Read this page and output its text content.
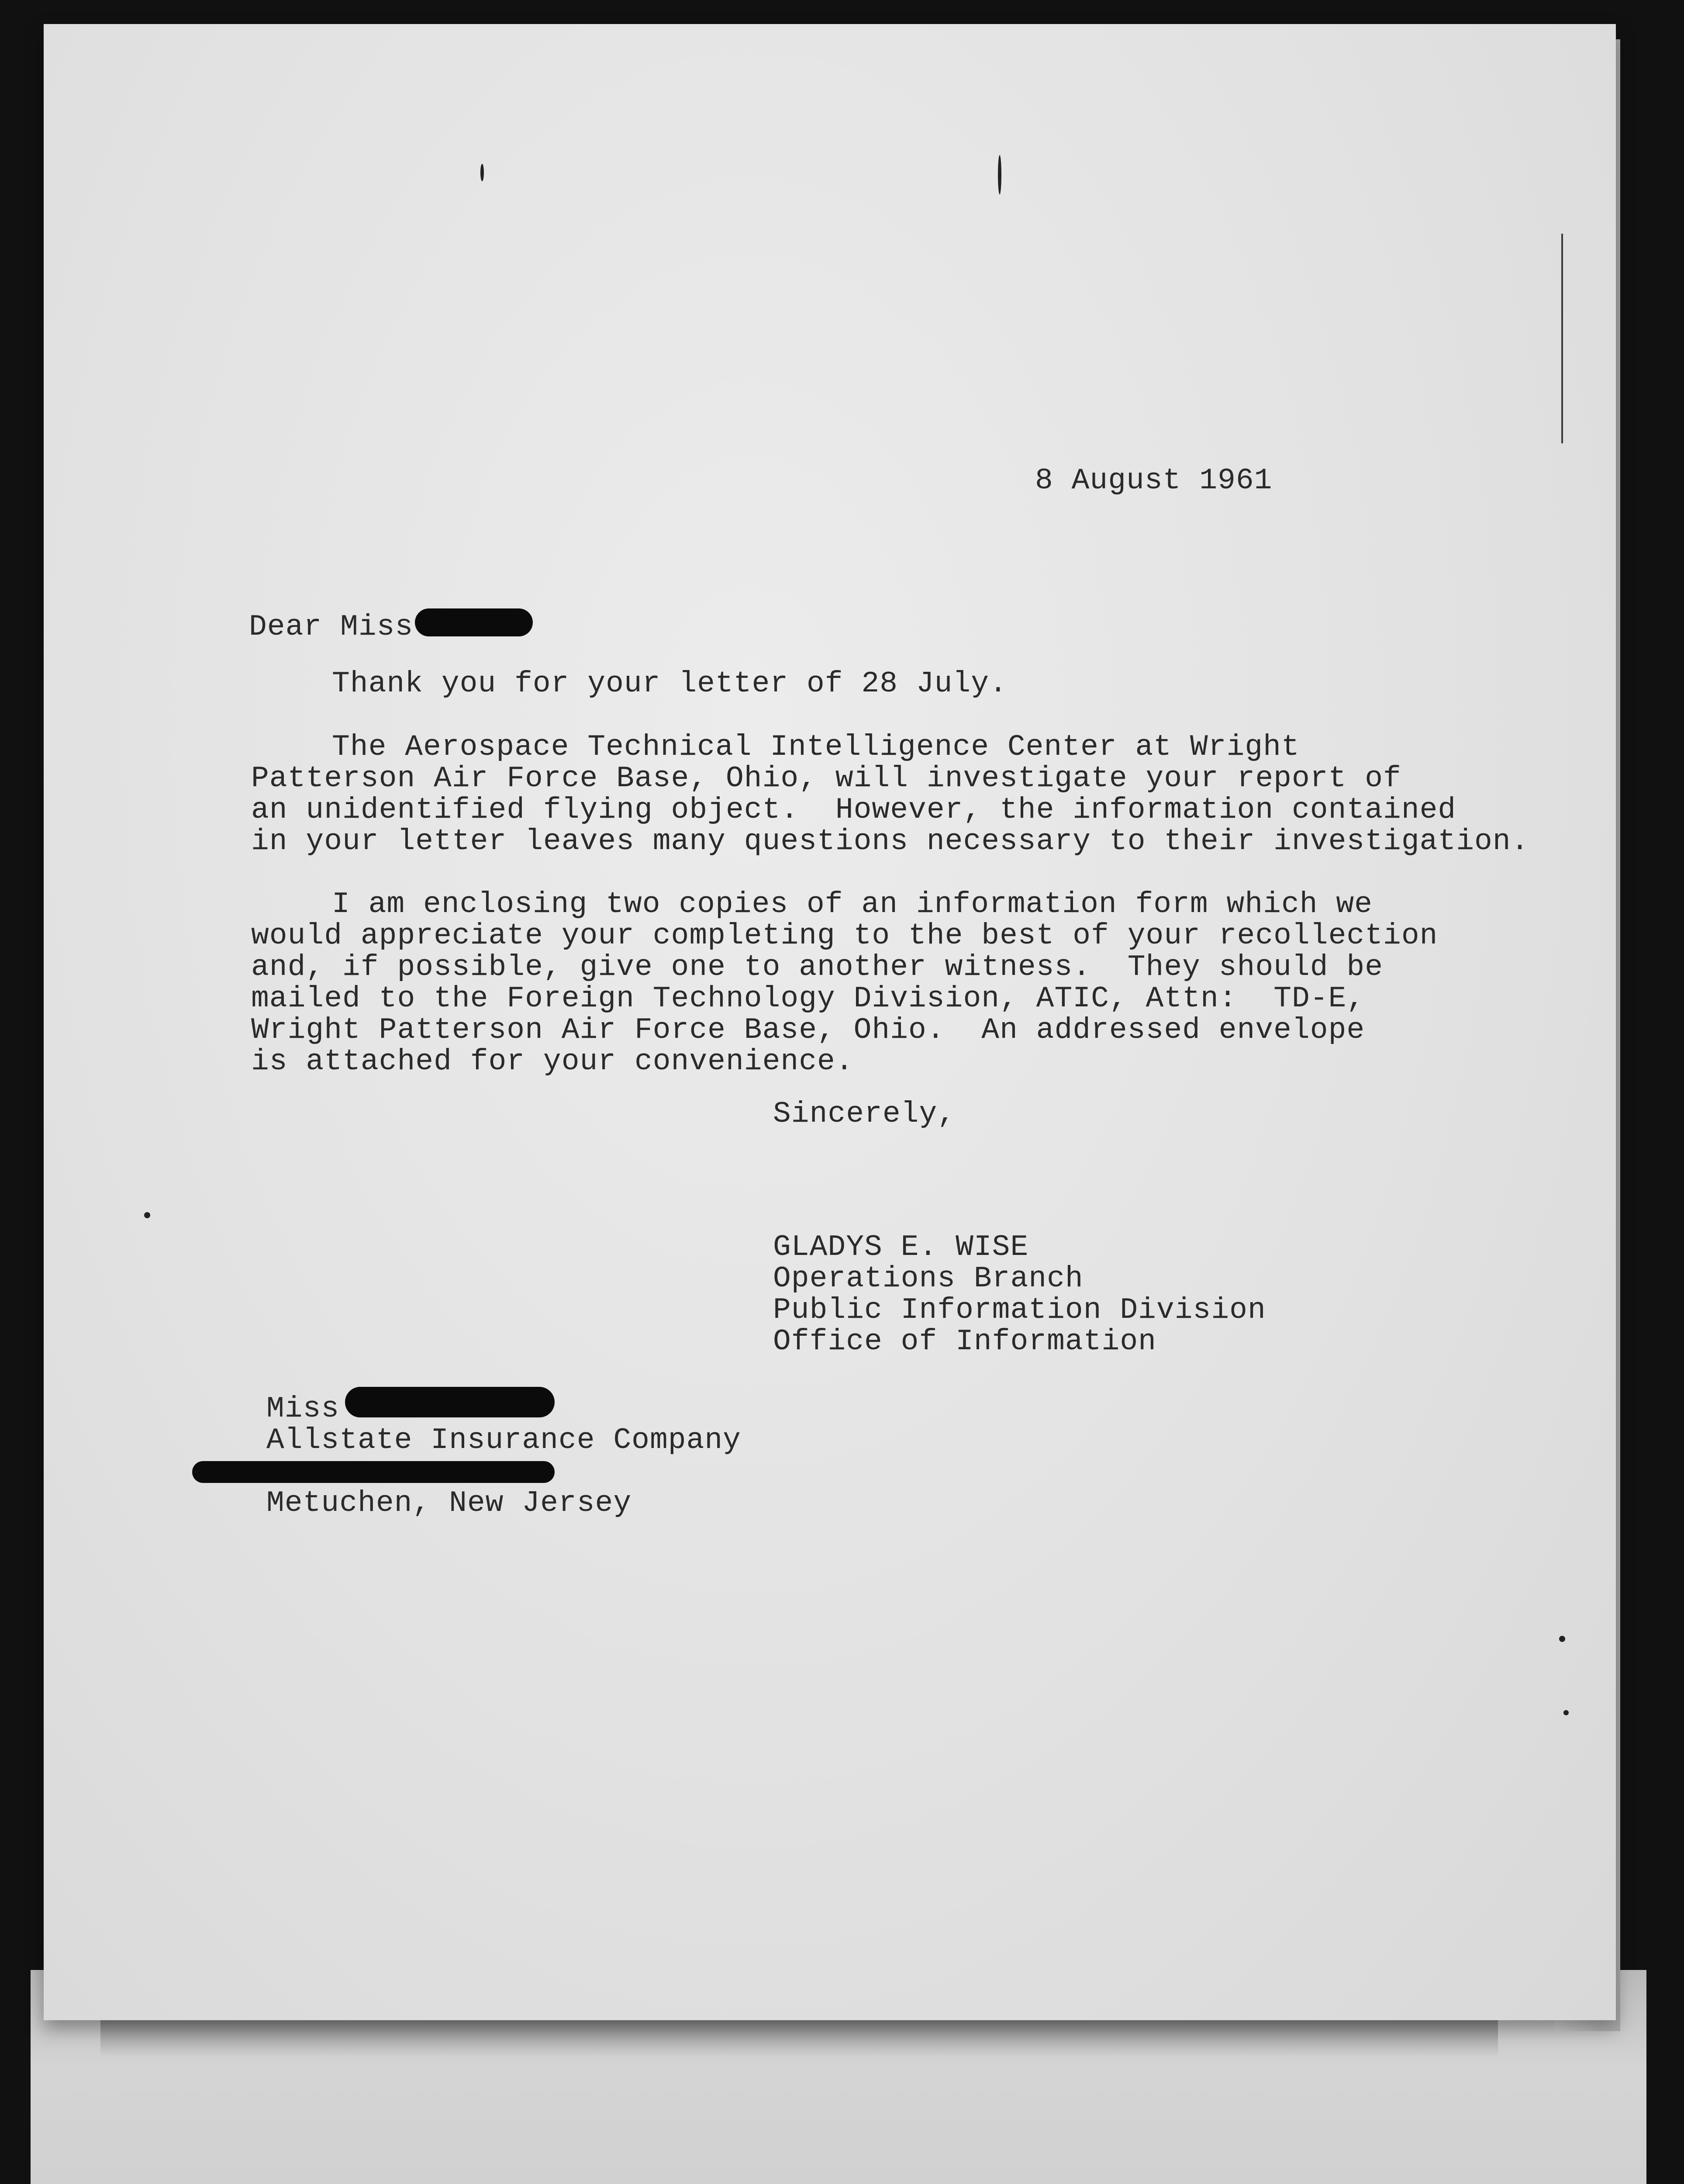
8 August 1961
Dear Miss
Thank you for your letter of 28 July.
The Aerospace Technical Intelligence Center at Wright
Patterson Air Force Base, Ohio, will investigate your report of
an unidentified flying object.  However, the information contained
in your letter leaves many questions necessary to their investigation.
I am enclosing two copies of an information form which we
would appreciate your completing to the best of your recollection
and, if possible, give one to another witness.  They should be
mailed to the Foreign Technology Division, ATIC, Attn:  TD-E,
Wright Patterson Air Force Base, Ohio.  An addressed envelope
is attached for your convenience.
Sincerely,
GLADYS E. WISE
Operations Branch
Public Information Division
Office of Information
Miss
Allstate Insurance Company
Metuchen, New Jersey
